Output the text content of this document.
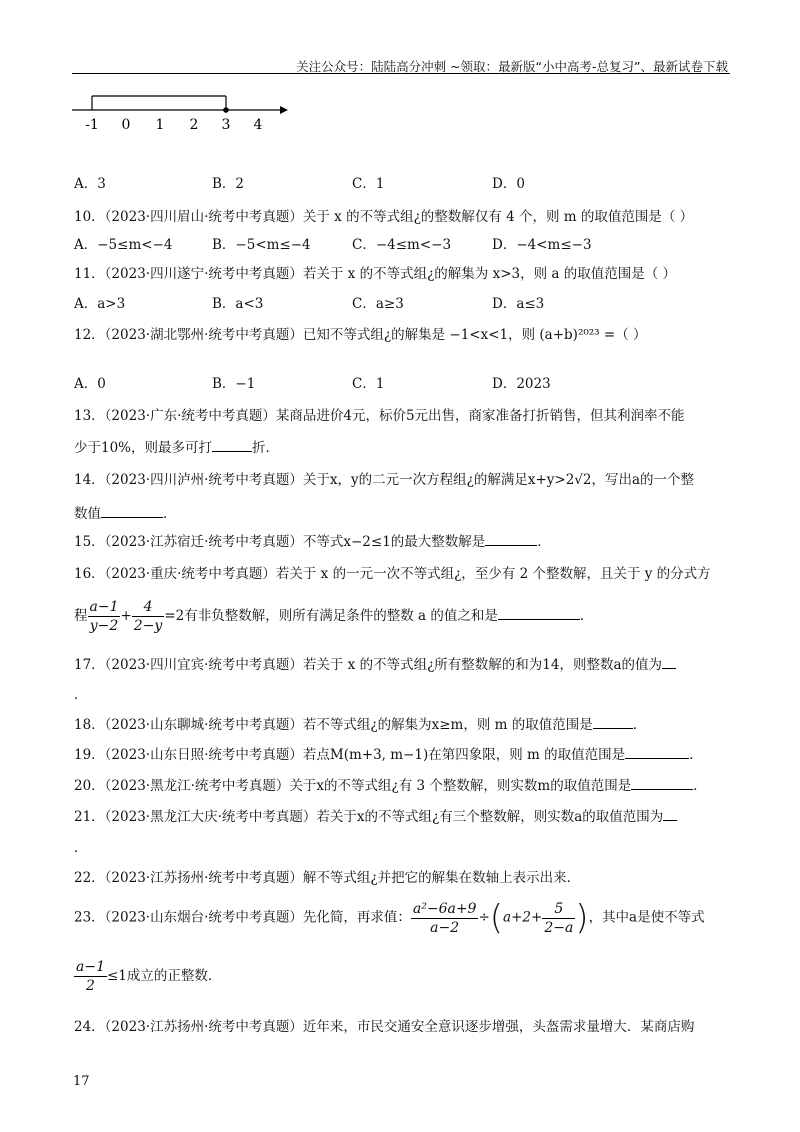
关注公众号：陆陆高分冲刺 ~领取：最新版“小中高考-总复习”、最新试卷下载
-1 0 1 2 3 4
A．3	B．2	C．1	D．0
10．（2023·四川眉山·统考中考真题）关于 x 的不等式组¿的整数解仅有 4 个，则 m 的取值范围是（ ）
A．−5≤m<−4	B．−5<m≤−4	C．−4≤m<−3	D．−4<m≤−3
11．（2023·四川遂宁·统考中考真题）若关于 x 的不等式组¿的解集为 x>3，则 a 的取值范围是（ ）
A．a>3	B．a<3	C．a≥3	D．a≤3
12．（2023·湖北鄂州·统考中考真题）已知不等式组¿的解集是 −1<x<1，则 (a+b)²⁰²³ =（ ）
A．0	B．−1	C．1	D．2023
13．（2023·广东·统考中考真题）某商品进价4元，标价5元出售，商家准备打折销售，但其利润率不能
少于10%，则最多可打	折．
14．（2023·四川泸州·统考中考真题）关于x，y的二元一次方程组¿的解满足x+y>2√2，写出a的一个整
数值	．
15．（2023·江苏宿迁·统考中考真题）不等式x−2≤1的最大整数解是	．
16．（2023·重庆·统考中考真题）若关于 x 的一元一次不等式组¿，至少有 2 个整数解，且关于 y 的分式方
程 $\frac{a-1}{y-2} + \frac{4}{2-y} =2$有非负整数解，则所有满足条件的整数 a 的值之和是	．
17．（2023·四川宜宾·统考中考真题）若关于 x 的不等式组¿所有整数解的和为14，则整数a的值为
．
18．（2023·山东聊城·统考中考真题）若不等式组¿的解集为x≥m，则 m 的取值范围是	．
19．（2023·山东日照·统考中考真题）若点M(m+3, m−1)在第四象限，则 m 的取值范围是	．
20．（2023·黑龙江·统考中考真题）关于x的不等式组¿有 3 个整数解，则实数m的取值范围是	．
21．（2023·黑龙江大庆·统考中考真题）若关于x的不等式组¿有三个整数解，则实数a的取值范围为
．
22．（2023·江苏扬州·统考中考真题）解不等式组¿并把它的解集在数轴上表示出来．
23．（2023·山东烟台·统考中考真题）先化简，再求值： $\frac{\text{a²−6a+9}}{a-2} \div(a+2+ \frac{5}{2-a}$ )，其中a是使不等式
$\frac{a-1}{2} \le 1$成立的正整数．
24．（2023·江苏扬州·统考中考真题）近年来，市民交通安全意识逐步增强，头盔需求量增大．某商店购
17
